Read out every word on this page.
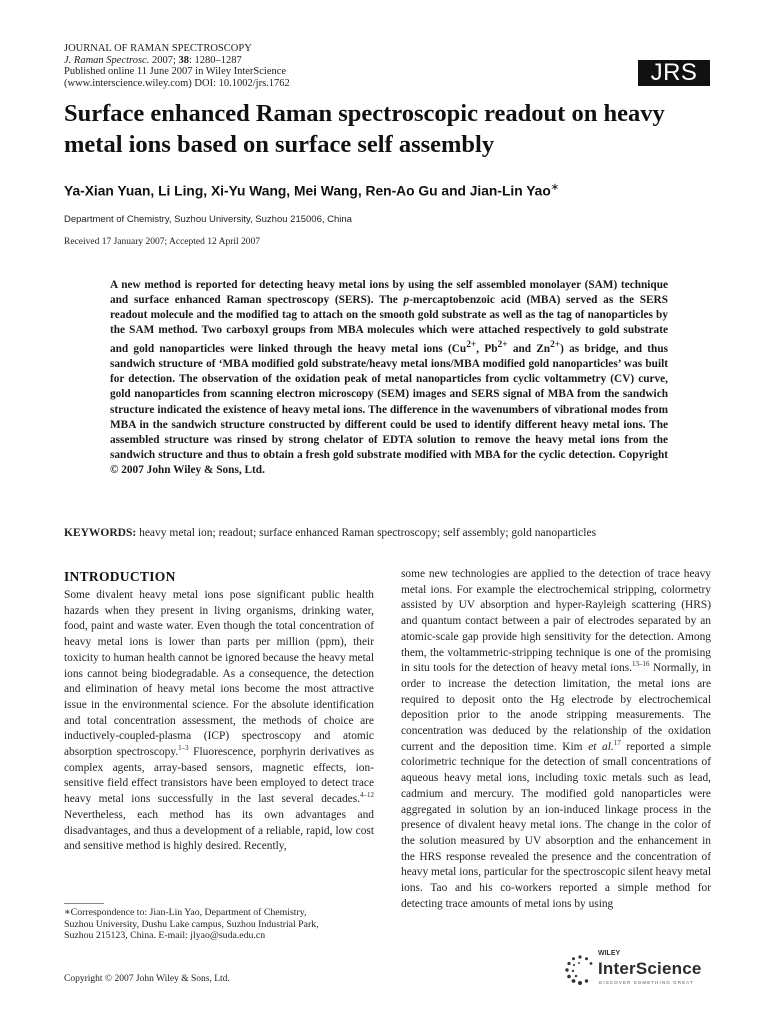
JOURNAL OF RAMAN SPECTROSCOPY
J. Raman Spectrosc. 2007; 38: 1280–1287
Published online 11 June 2007 in Wiley InterScience
(www.interscience.wiley.com) DOI: 10.1002/jrs.1762	JRS
Surface enhanced Raman spectroscopic readout on heavy metal ions based on surface self assembly
Ya-Xian Yuan, Li Ling, Xi-Yu Wang, Mei Wang, Ren-Ao Gu and Jian-Lin Yao∗
Department of Chemistry, Suzhou University, Suzhou 215006, China
Received 17 January 2007; Accepted 12 April 2007

A new method is reported for detecting heavy metal ions by using the self assembled monolayer (SAM) technique and surface enhanced Raman spectroscopy (SERS). The p-mercaptobenzoic acid (MBA) served as the SERS readout molecule and the modified tag to attach on the smooth gold substrate as well as the tag of nanoparticles by the SAM method. Two carboxyl groups from MBA molecules which were attached respectively to gold substrate and gold nanoparticles were linked through the heavy metal ions ($Cu^{2+}$, $Pb^{2+}$ and $Zn^{2+}$) as bridge, and thus sandwich structure of ‘MBA modified gold substrate/heavy metal ions/MBA modified gold nanoparticles’ was built for detection. The observation of the oxidation peak of metal nanoparticles from cyclic voltammetry (CV) curve, gold nanoparticles from scanning electron microscopy (SEM) images and SERS signal of MBA from the sandwich structure indicated the existence of heavy metal ions. The difference in the wavenumbers of vibrational modes from MBA in the sandwich structure constructed by different could be used to identify different heavy metal ions. The assembled structure was rinsed by strong chelator of EDTA solution to remove the heavy metal ions from the sandwich structure and thus to obtain a fresh gold substrate modified with MBA for the cyclic detection. Copyright © 2007 John Wiley & Sons, Ltd.

KEYWORDS: heavy metal ion; readout; surface enhanced Raman spectroscopy; self assembly; gold nanoparticles
INTRODUCTION

Some divalent heavy metal ions pose significant public health hazards when they present in living organisms, drinking water, food, paint and waste water. Even though the total concentration of heavy metal ions is lower than parts per million (ppm), their toxicity to human health cannot be ignored because the heavy metal ions cannot being biodegradable. As a consequence, the detection and elimination of heavy metal ions become the most attractive issue in the environmental science. For the absolute identification and total concentration assessment, the methods of choice are inductively-coupled-plasma (ICP) spectroscopy and atomic absorption spectroscopy.$^{1-3}$ Fluorescence, porphyrin derivatives as complex agents, array-based sensors, magnetic effects, ion-sensitive field effect transistors have been employed to detect trace heavy metal ions successfully in the last several decades.$^{4-12}$ Nevertheless, each method has its own advantages and disadvantages, and thus a development of a reliable, rapid, low cost and sensitive method is highly desired. Recently,

some new technologies are applied to the detection of trace heavy metal ions. For example the electrochemical stripping, colormetry assisted by UV absorption and hyper-Rayleigh scattering (HRS) and quantum contact between a pair of electrodes separated by an atomic-scale gap provide high sensitivity for the detection. Among them, the voltammetric-stripping technique is one of the promising in situ tools for the detection of heavy metal ions.$^{13-16}$ Normally, in order to increase the detection limitation, the metal ions are required to deposit onto the Hg electrode by electrochemical deposition prior to the anode stripping measurements. The concentration was deduced by the relationship of the oxidation current and the deposition time. Kim et al.$^{17}$ reported a simple colorimetric technique for the detection of small concentrations of aqueous heavy metal ions, including toxic metals such as lead, cadmium and mercury. The modified gold nanoparticles were aggregated in solution by an ion-induced linkage process in the presence of divalent heavy metal ions. The change in the color of the solution measured by UV absorption and the enhancement in the HRS response revealed the presence and the concentration of heavy metal ions, particular for the spectroscopic silent heavy metal ions. Tao and his co-workers reported a simple method for detecting trace amounts of metal ions by using

∗Correspondence to: Jian-Lin Yao, Department of Chemistry,
Suzhou University, Dushu Lake campus, Suzhou Industrial Park,
Suzhou 215123, China. E-mail: jlyao@suda.edu.cn

Copyright © 2007 John Wiley & Sons, Ltd.
WILEY
InterScience
DISCOVER SOMETHING GREAT
